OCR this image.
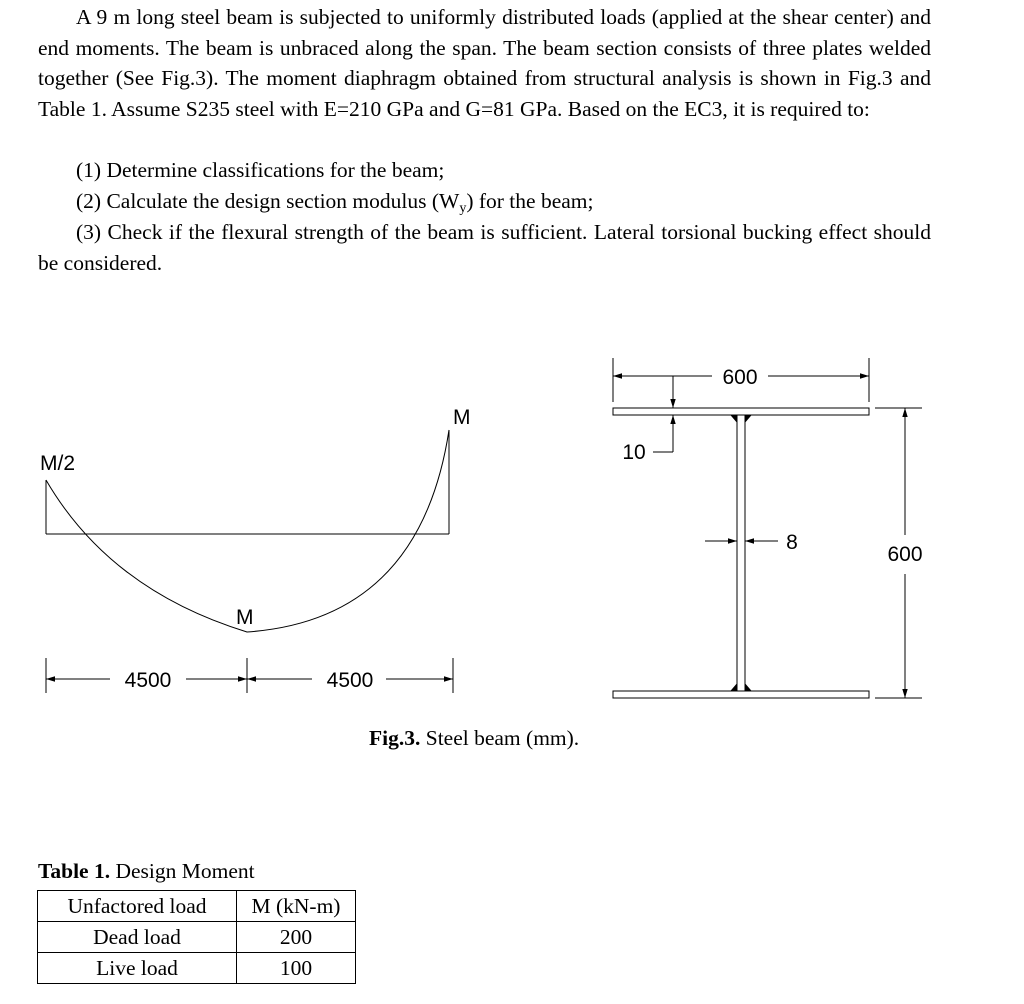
A 9 m long steel beam is subjected to uniformly distributed loads (applied at the shear center) and end moments. The beam is unbraced along the span. The beam section consists of three plates welded together (See Fig.3). The moment diaphragm obtained from structural analysis is shown in Fig.3 and Table 1. Assume S235 steel with E=210 GPa and G=81 GPa. Based on the EC3, it is required to:

(1) Determine classifications for the beam;

(2) Calculate the design section modulus $(W_y)$ for the beam;

(3) Check if the flexural strength of the beam is sufficient. Lateral torsional bucking effect should be considered.

M/2
M
M
4500	4500
600
10
8
600
Fig.3. Steel beam (mm).
Table 1. Design Moment
Unfactored load	M (kN-m)
Dead load	200
Live load	100
